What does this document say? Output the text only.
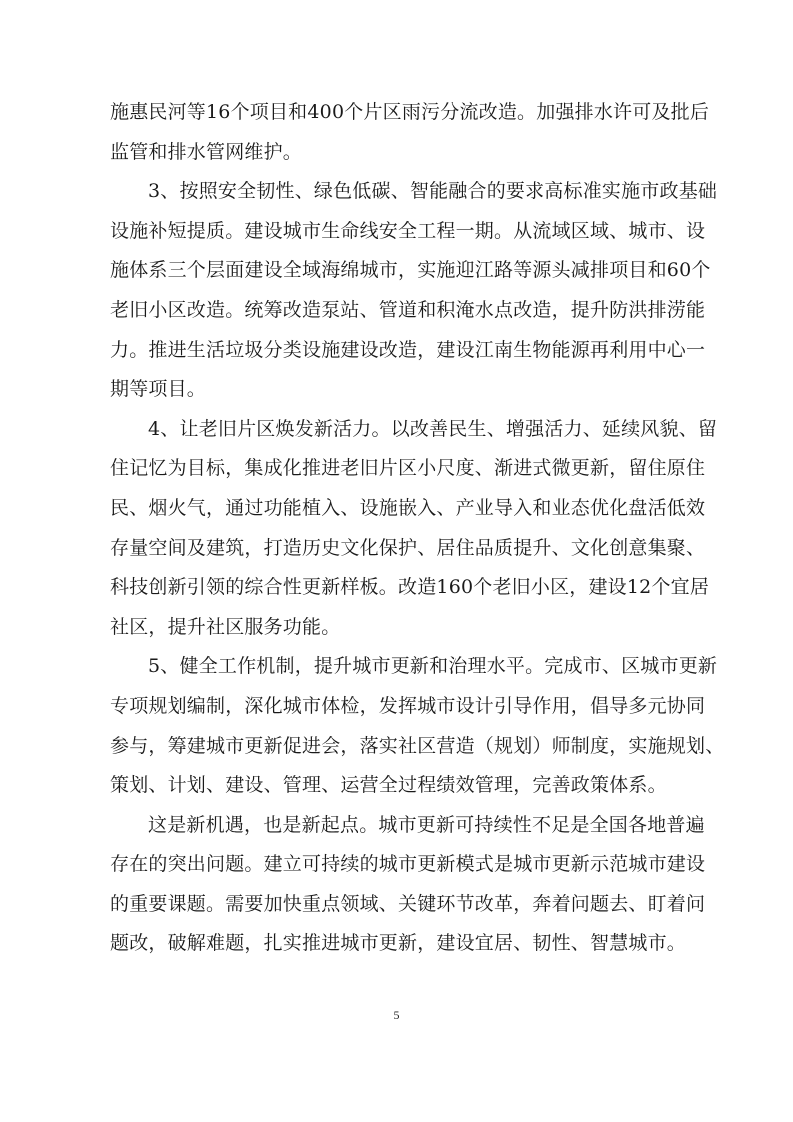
施惠民河等16个项目和400个片区雨污分流改造。加强排水许可及批后
监管和排水管网维护。
3、按照安全韧性、绿色低碳、智能融合的要求高标准实施市政基础
设施补短提质。建设城市生命线安全工程一期。从流域区域、城市、设
施体系三个层面建设全域海绵城市，实施迎江路等源头减排项目和60个
老旧小区改造。统筹改造泵站、管道和积淹水点改造，提升防洪排涝能
力。推进生活垃圾分类设施建设改造，建设江南生物能源再利用中心一
期等项目。
4、让老旧片区焕发新活力。以改善民生、增强活力、延续风貌、留
住记忆为目标，集成化推进老旧片区小尺度、渐进式微更新，留住原住
民、烟火气，通过功能植入、设施嵌入、产业导入和业态优化盘活低效
存量空间及建筑，打造历史文化保护、居住品质提升、文化创意集聚、
科技创新引领的综合性更新样板。改造160个老旧小区，建设12个宜居
社区，提升社区服务功能。
5、健全工作机制，提升城市更新和治理水平。完成市、区城市更新
专项规划编制，深化城市体检，发挥城市设计引导作用，倡导多元协同
参与，筹建城市更新促进会，落实社区营造（规划）师制度，实施规划、
策划、计划、建设、管理、运营全过程绩效管理，完善政策体系。
这是新机遇，也是新起点。城市更新可持续性不足是全国各地普遍
存在的突出问题。建立可持续的城市更新模式是城市更新示范城市建设
的重要课题。需要加快重点领域、关键环节改革，奔着问题去、盯着问
题改，破解难题，扎实推进城市更新，建设宜居、韧性、智慧城市。
5
